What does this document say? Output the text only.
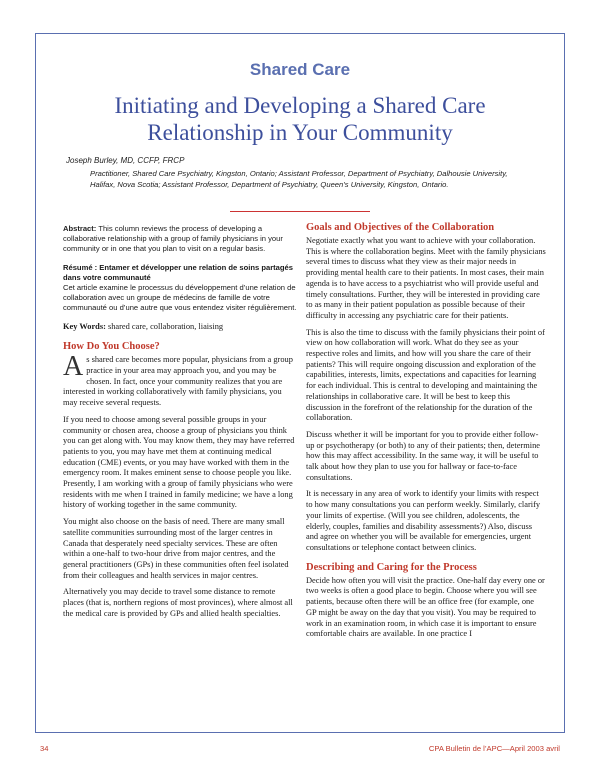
Shared Care
Initiating and Developing a Shared Care
Relationship in Your Community
Joseph Burley, MD, CCFP, FRCP
Practitioner, Shared Care Psychiatry, Kingston, Ontario; Assistant Professor, Department of Psychiatry, Dalhousie University, Halifax, Nova Scotia; Assistant Professor, Department of Psychiatry, Queen’s University, Kingston, Ontario.

Abstract: This column reviews the process of developing a collaborative relationship with a group of family physicians in your community or in one that you plan to visit on a regular basis.

Résumé : Entamer et développer une relation de soins partagés dans votre communauté

Cet article examine le processus du développement d’une relation de collaboration avec un groupe de médecins de famille de votre communauté ou d’une autre que vous entendez visiter régulièrement.

Key Words: shared care, collaboration, liaising

How Do You Choose?

As shared care becomes more popular, physicians from a group practice in your area may approach you, and you may be chosen. In fact, once your community realizes that you are interested in working collaboratively with family physicians, you may receive several requests.

If you need to choose among several possible groups in your community or chosen area, choose a group of physicians you think you can get along with. You may know them, they may have referred patients to you, you may have met them at continuing medical education (CME) events, or you may have worked with them in the emergency room. It makes eminent sense to choose people you like. Presently, I am working with a group of family physicians who were residents with me when I trained in family medicine; we have a long history of working together in the same community.

You might also choose on the basis of need. There are many small satellite communities surrounding most of the larger centres in Canada that desperately need specialty services. These are often within a one-half to two-hour drive from major centres, and the general practitioners (GPs) in these communities often feel isolated from their colleagues and health services in major centres.

Alternatively you may decide to travel some distance to remote places (that is, northern regions of most provinces), where almost all the medical care is provided by GPs and allied health specialties.

Goals and Objectives of the Collaboration

Negotiate exactly what you want to achieve with your collaboration. This is where the collaboration begins. Meet with the family physicians several times to discuss what they view as their major needs in providing mental health care to their patients. In most cases, their main agenda is to have access to a psychiatrist who will provide useful and timely consultations. Further, they will be interested in providing care to as many in their patient population as possible because of their difficulty in accessing any psychiatric care for their patients.

This is also the time to discuss with the family physicians their point of view on how collaboration will work. What do they see as your respective roles and limits, and how will you share the care of their patients? This will require ongoing discussion and exploration of the capabilities, interests, limits, expectations and capacities for learning for each individual. This is central to developing and maintaining the relationships in collaborative care. It will be best to keep this discussion in the forefront of the relationship for the duration of the collaboration.

Discuss whether it will be important for you to provide either follow-up or psychotherapy (or both) to any of their patients; then, determine how this may affect accessibility. In the same way, it will be useful to talk about how they plan to use you for hallway or face-to-face consultations.

It is necessary in any area of work to identify your limits with respect to how many consultations you can perform weekly. Similarly, clarify your limits of expertise. (Will you see children, adolescents, the elderly, couples, families and disability assessments?) Also, discuss and agree on whether you will be available for emergencies, urgent consultations or telephone contact between clinics.

Describing and Caring for the Process

Decide how often you will visit the practice. One-half day every one or two weeks is often a good place to begin. Choose where you will see patients, because often there will be an office free (for example, one GP might be away on the day that you visit). You may be required to work in an examination room, in which case it is important to ensure comfortable chairs are available. In one practice I

34	CPA Bulletin de l’APC—April 2003 avril
